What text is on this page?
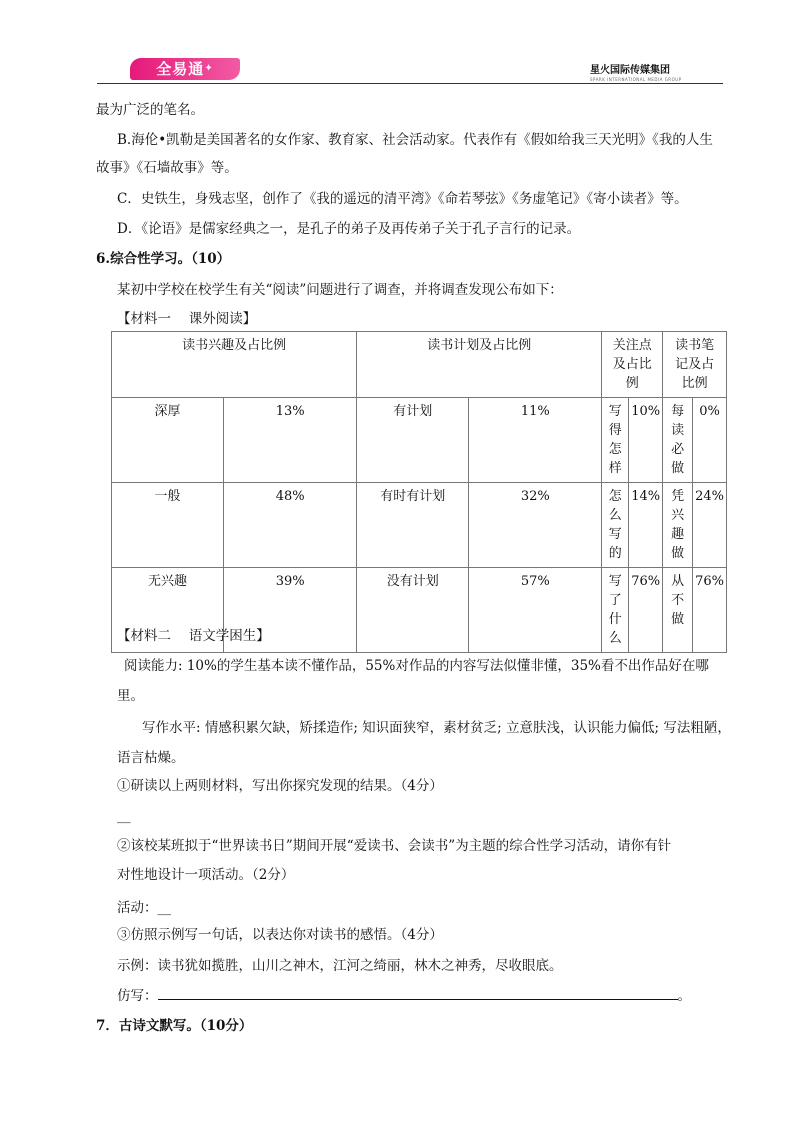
全易通✦	星火国际传媒集团
SPARK INTERNATIONAL MEDIA GROUP
最为广泛的笔名。
B.海伦•凯勒是美国著名的女作家、教育家、社会活动家。代表作有《假如给我三天光明》《我的人生
故事》《石墙故事》等。
C．史铁生，身残志坚，创作了《我的遥远的清平湾》《命若琴弦》《务虚笔记》《寄小读者》等。
D．《论语》是儒家经典之一，是孔子的弟子及再传弟子关于孔子言行的记录。
6.综合性学习。（10）
某初中学校在校学生有关“阅读”问题进行了调查，并将调查发现公布如下：
【材料一　 课外阅读】
读书兴趣及占比例		读书计划及占比例		关注点及占比例		读书笔记及占比例	
深厚	13%	有计划	11%	写得怎样	10%	每读必做	0%
一般	48%	有时有计划	32%	怎么写的	14%	凭兴趣做	24%
无兴趣	39%	没有计划	57%	写了什么	76%	从不做	76%
【材料二　 语文学困生】
阅读能力: 10%的学生基本读不懂作品，55%对作品的内容写法似懂非懂，35%看不出作品好在哪
里。
写作水平: 情感积累欠缺，矫揉造作; 知识面狭窄，素材贫乏; 立意肤浅，认识能力偏低; 写法粗陋，
语言枯燥。
①研读以上两则材料，写出你探究发现的结果。（4分）
__
②该校某班拟于“世界读书日”期间开展“爱读书、会读书”为主题的综合性学习活动，请你有针
对性地设计一项活动。（2分）
活动：__
③仿照示例写一句话，以表达你对读书的感悟。（4分）
示例：读书犹如揽胜，山川之神木，江河之绮丽，林木之神秀，尽收眼底。
仿写：	。
7．古诗文默写。（10分）
